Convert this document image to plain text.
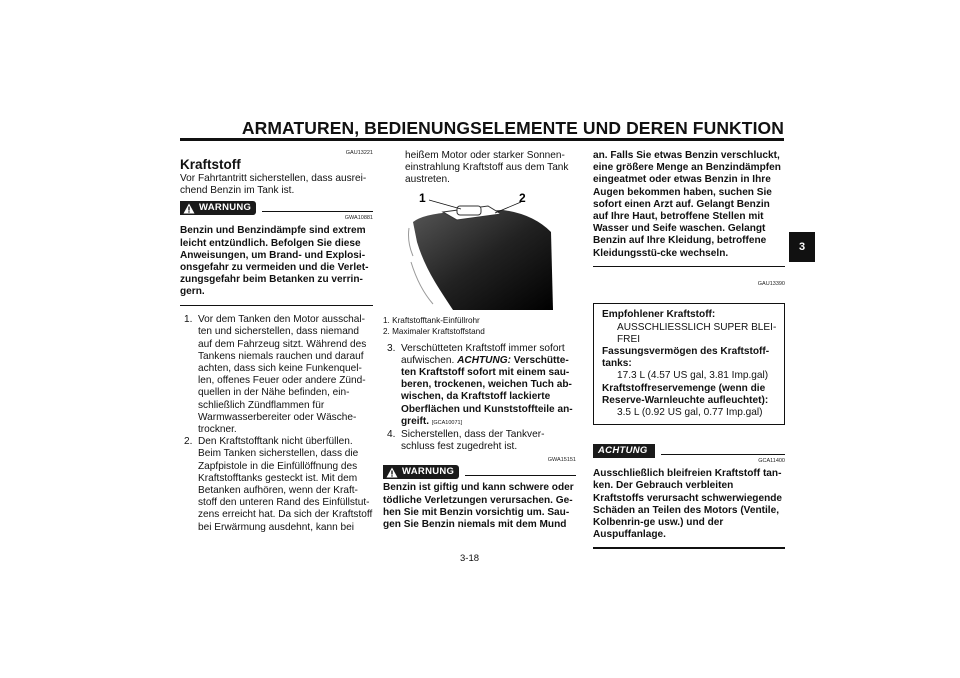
ARMATUREN, BEDIENUNGSELEMENTE UND DEREN FUNKTION
3
GAU13221
Kraftstoff

Vor Fahrtantritt sicherstellen, dass ausrei-chend Benzin im Tank ist.

WARNUNG
GWA10881

Benzin und Benzindämpfe sind extrem leicht entzündlich. Befolgen Sie diese Anweisungen, um Brand- und Explosi-onsgefahr zu vermeiden und die Verlet-zungsgefahr beim Betanken zu verrin-gern.

1. Vor dem Tanken den Motor ausschal-ten und sicherstellen, dass niemand auf dem Fahrzeug sitzt. Während des Tankens niemals rauchen und darauf achten, dass sich keine Funkenquel-len, offenes Feuer oder andere Zünd-quellen in der Nähe befinden, ein-schließlich Zündflammen für Warmwasserbereiter oder Wäsche-trockner.
2. Den Kraftstofftank nicht überfüllen. Beim Tanken sicherstellen, dass die Zapfpistole in die Einfüllöffnung des Kraftstofftanks gesteckt ist. Mit dem Betanken aufhören, wenn der Kraft-stoff den unteren Rand des Einfüllstut-zens erreicht hat. Da sich der Kraftstoff bei Erwärmung ausdehnt, kann bei

heißem Motor oder starker Sonnen-einstrahlung Kraftstoff aus dem Tank austreten.

1	2
1. Kraftstofftank-Einfüllrohr
2. Maximaler Kraftstoffstand
3. Verschütteten Kraftstoff immer sofort aufwischen. ACHTUNG: Verschütte-ten Kraftstoff sofort mit einem sau-beren, trockenen, weichen Tuch ab-wischen, da Kraftstoff lackierte Oberflächen und Kunststoffteile an-greift. [GCA10071]
4. Sicherstellen, dass der Tankver-schluss fest zugedreht ist.
GWA15151
WARNUNG

Benzin ist giftig und kann schwere oder tödliche Verletzungen verursachen. Ge-hen Sie mit Benzin vorsichtig um. Sau-gen Sie Benzin niemals mit dem Mund

an. Falls Sie etwas Benzin verschluckt, eine größere Menge an Benzindämpfen eingeatmet oder etwas Benzin in Ihre Augen bekommen haben, suchen Sie sofort einen Arzt auf. Gelangt Benzin auf Ihre Haut, betroffene Stellen mit Wasser und Seife waschen. Gelangt Benzin auf Ihre Kleidung, betroffene Kleidungsstü-cke wechseln.

GAU13390
Empfohlener Kraftstoff:
AUSSCHLIESSLICH SUPER BLEI-FREI
Fassungsvermögen des Kraftstoff-tanks:
17.3 L (4.57 US gal, 3.81 Imp.gal)
Kraftstoffreservemenge (wenn die Reserve-Warnleuchte aufleuchtet):
3.5 L (0.92 US gal, 0.77 Imp.gal)
ACHTUNG
GCA11400

Ausschließlich bleifreien Kraftstoff tan-ken. Der Gebrauch verbleiten Kraftstoffs verursacht schwerwiegende Schäden an Teilen des Motors (Ventile, Kolbenrin-ge usw.) und der Auspuffanlage.

3-18
